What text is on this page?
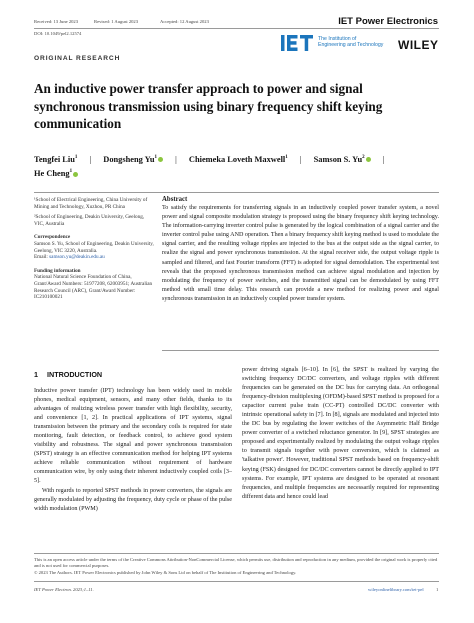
Received: 13 June 2023	Revised: 1 August 2023	Accepted: 12 August 2023	IET Power Electronics
DOI: 10.1049/pel2.12574
The Institution of
Engineering and Technology WILEY
ORIGINAL RESEARCH
An inductive power transfer approach to power and signal
synchronous transmission using binary frequency shift keying
communication
Tengfei Liu$^1$ | Dongsheng Yu$^1$ | Chiemeka Loveth Maxwell$^1$ | Samson S. Yu$^2$ |
He Cheng$^1$

¹School of Electrical Engineering, China University of Mining and Technology, Xuzhou, PR China

²School of Engineering, Deakin University, Geelong, VIC, Australia

Correspondence

Samson S. Yu, School of Engineering, Deakin University, Geelong, VIC 3220, Australia.

Email: samson.yu@deakin.edu.au

Funding information

National Natural Science Foundation of China, Grant/Award Numbers: 51977208, 62003951; Australian Research Council (ARC), Grant/Award Number: IC210100021

Abstract
To satisfy the requirements for transferring signals in an inductively coupled power transfer system, a novel power and signal composite modulation strategy is proposed using the binary frequency shift keying technology. The information-carrying inverter control pulse is generated by the logical combination of a signal carrier and the inverter control pulse using AND operation. Then a binary frequency shift keying method is used to modulate the signal carrier, and the resulting voltage ripples are injected to the bus at the output side as the signal carrier, to realize the signal and power synchronous transmission. At the signal receiver side, the output voltage ripple is sampled and filtered, and fast Fourier transform (FFT) is adopted for signal demodulation. The experimental test reveals that the proposed synchronous transmission method can achieve signal modulation and injection by modulating the frequency of power switches, and the transmitted signal can be demodulated by using FFT method with small time delay. This research can provide a new method for realizing power and signal synchronous transmission in an inductively coupled power transfer system.
1 INTRODUCTION
Inductive power transfer (IPT) technology has been widely used in mobile phones, medical equipment, sensors, and many other fields, thanks to its advantages of realizing wireless power transfer with high flexibility, security, and convenience [1, 2]. In practical applications of IPT systems, signal transmission between the primary and the secondary coils is required for state monitoring, fault detection, or feedback control, to achieve good system visibility and robustness. The signal and power synchronous transmission (SPST) strategy is an effective communication method for helping IPT systems achieve reliable communication without requirement of hardware communication wire, by only using their inherent inductively coupled coils [3–5].
With regards to reported SPST methods in power converters, the signals are generally modulated by adjusting the frequency, duty cycle or phase of the pulse width modulation (PWM)
power driving signals [6–10]. In [6], the SPST is realized by varying the switching frequency DC/DC converters, and voltage ripples with different frequencies can be generated on the DC bus for carrying data. An orthogonal frequency-division multiplexing (OFDM)-based SPST method is proposed for a capacitor current pulse train (CC-PT) controlled DC/DC converter with intrinsic operational safety in [7]. In [8], signals are modulated and injected into the DC bus by regulating the lower switches of the Asymmetric Half Bridge power converter of a switched reluctance generator. In [9], SPST strategies are proposed and experimentally realized by modulating the output voltage ripples to transmit signals together with power conversion, which is claimed as 'talkative power'. However, traditional SPST methods based on frequency-shift keying (FSK) designed for DC/DC converters cannot be directly applied to IPT systems. For example, IPT systems are designed to be operated at resonant frequencies, and multiple frequencies are necessarily required for representing different data and hence could lead
This is an open access article under the terms of the Creative Commons Attribution-NonCommercial License, which permits use, distribution and reproduction in any medium, provided the original work is properly cited and is not used for commercial purposes.
© 2023 The Authors. IET Power Electronics published by John Wiley & Sons Ltd on behalf of The Institution of Engineering and Technology.
IET Power Electron. 2023;1–11.	wileyonlinelibrary.com/iet-pel	1
